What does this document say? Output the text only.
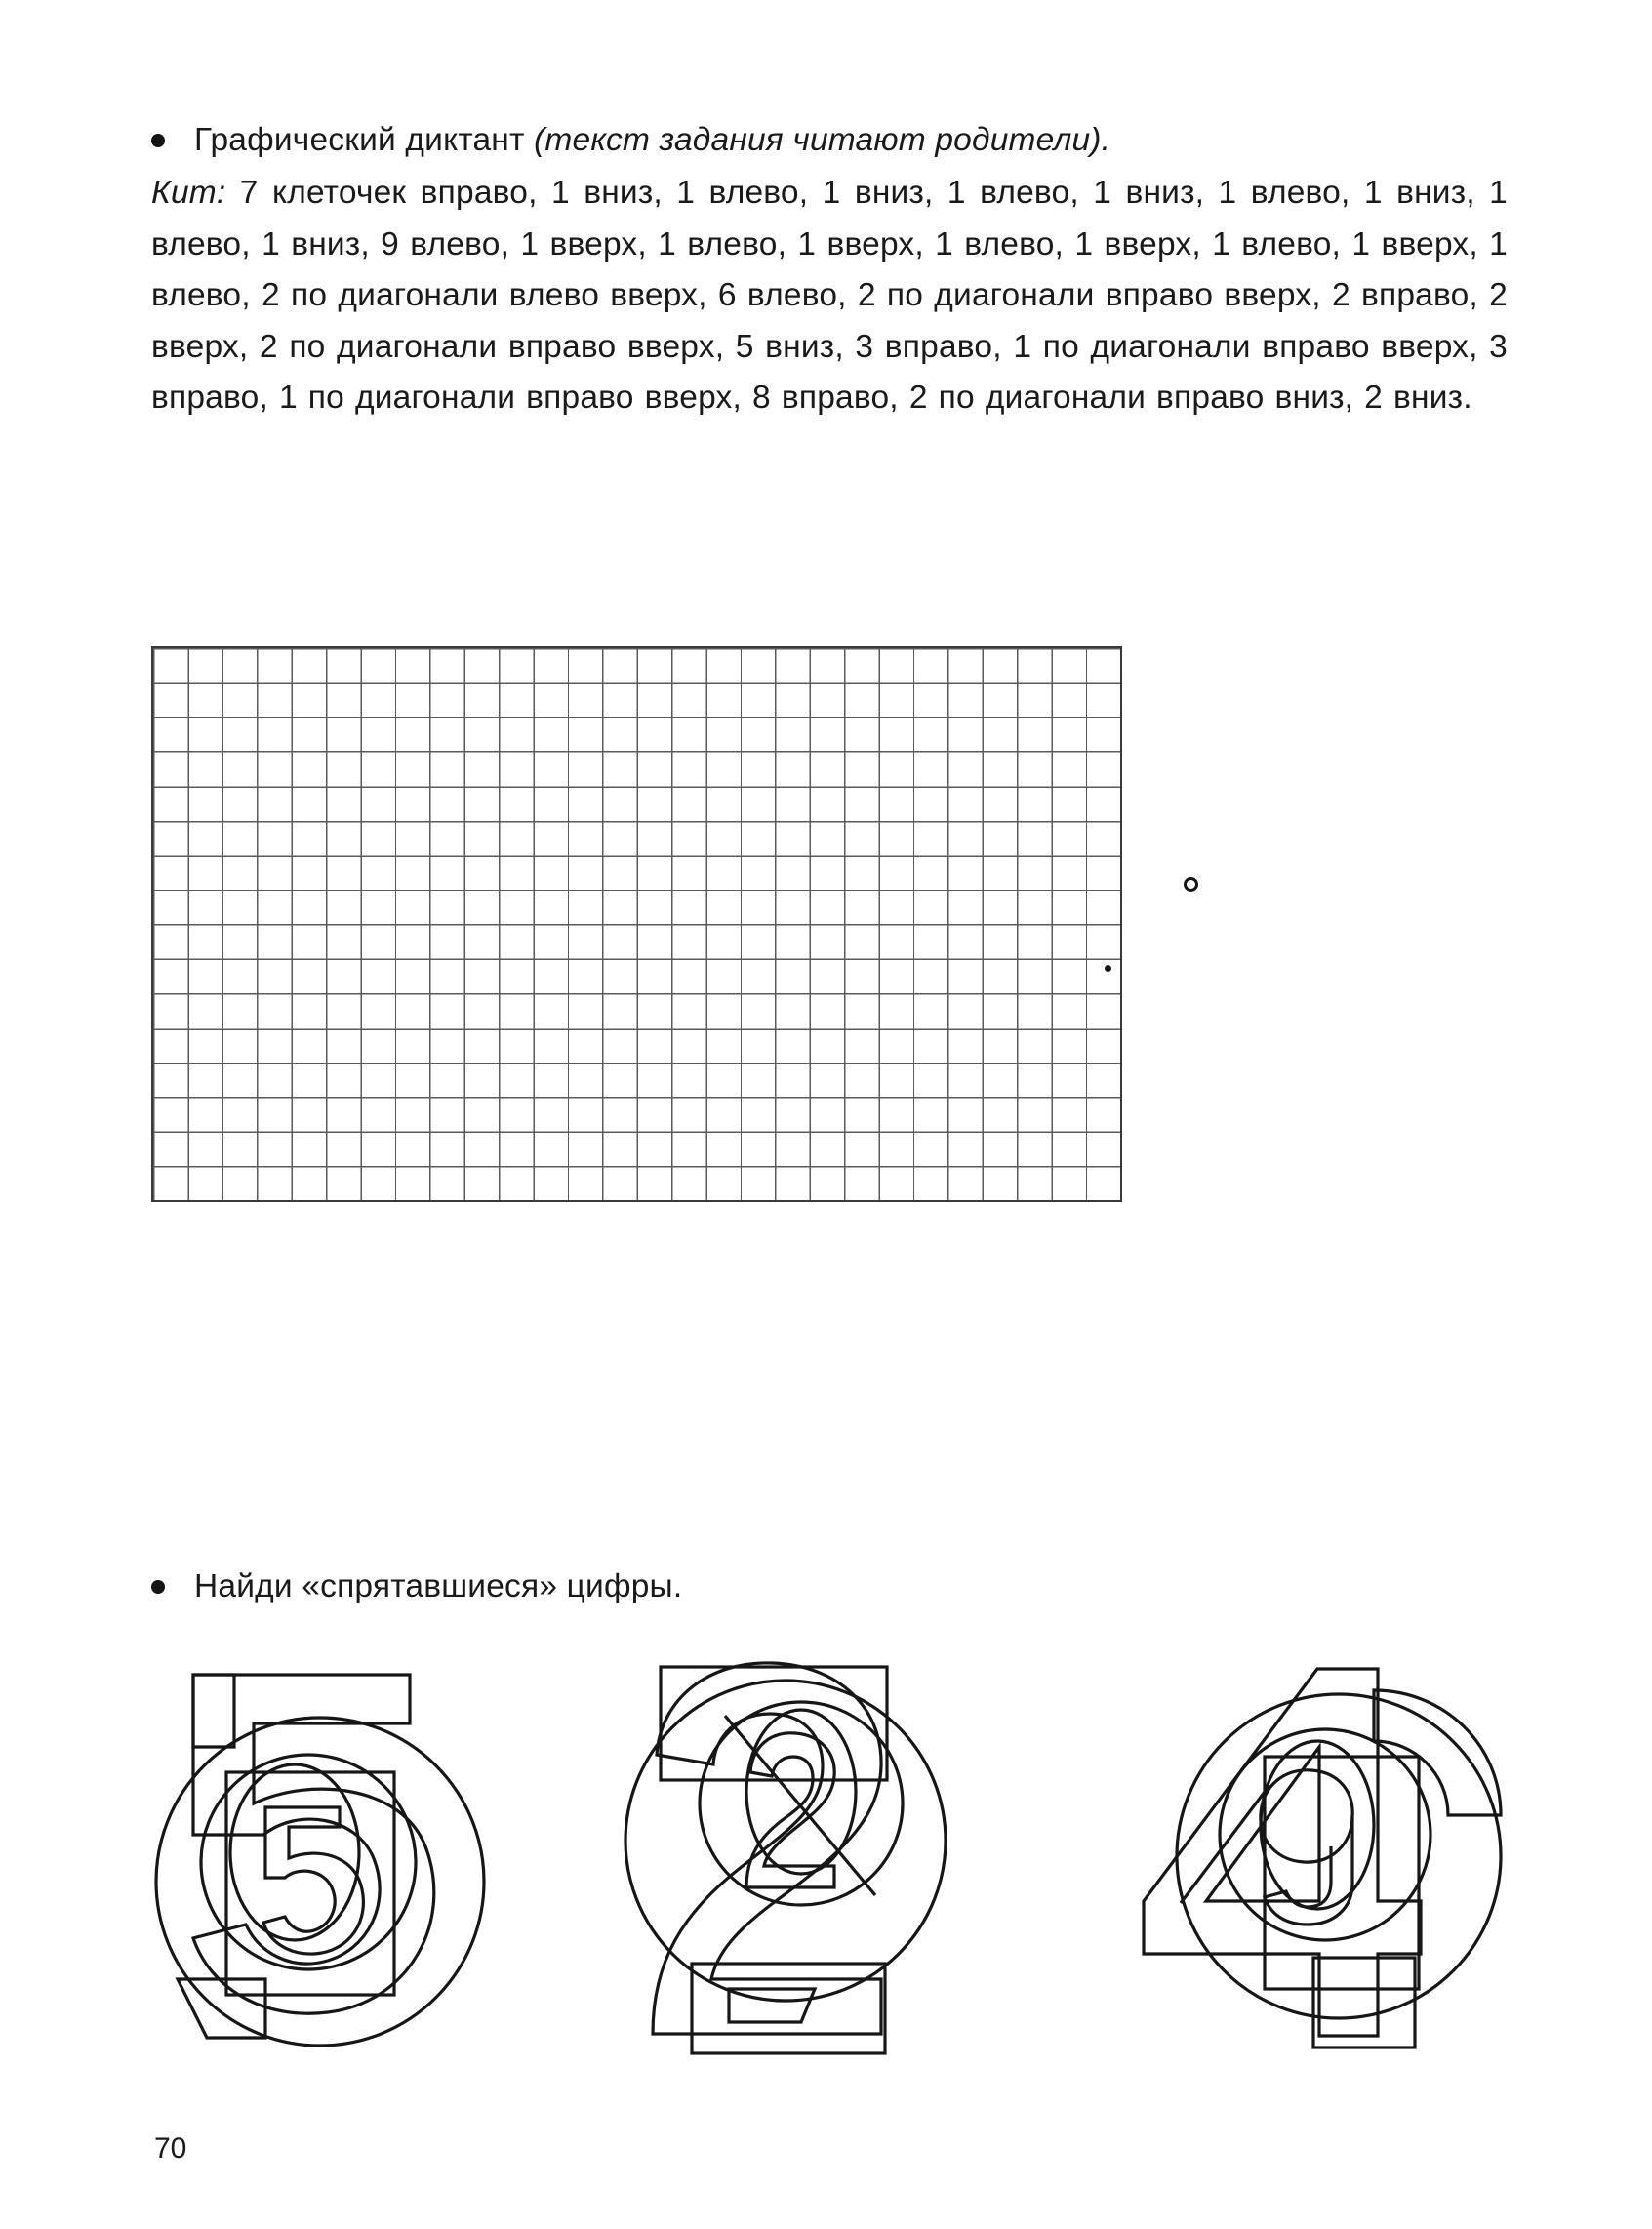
Графический диктант (текст задания читают родители).

Кит: 7 клеточек вправо, 1 вниз, 1 влево, 1 вниз, 1 влево, 1 вниз, 1 влево, 1 вниз, 1 влево, 1 вниз, 9 влево, 1 вверх, 1 влево, 1 вверх, 1 влево, 1 вверх, 1 влево, 1 вверх, 1 влево, 2 по диагонали влево вверх, 6 влево, 2 по диагонали вправо вверх, 2 вправо, 2 вверх, 2 по диагонали вправо вверх, 5 вниз, 3 вправо, 1 по диагонали вправо вверх, 3 вправо, 1 по диагонали вправо вверх, 8 вправо, 2 по диагонали вправо вниз, 2 вниз.

Найди «спрятавшиеся» цифры.
70
